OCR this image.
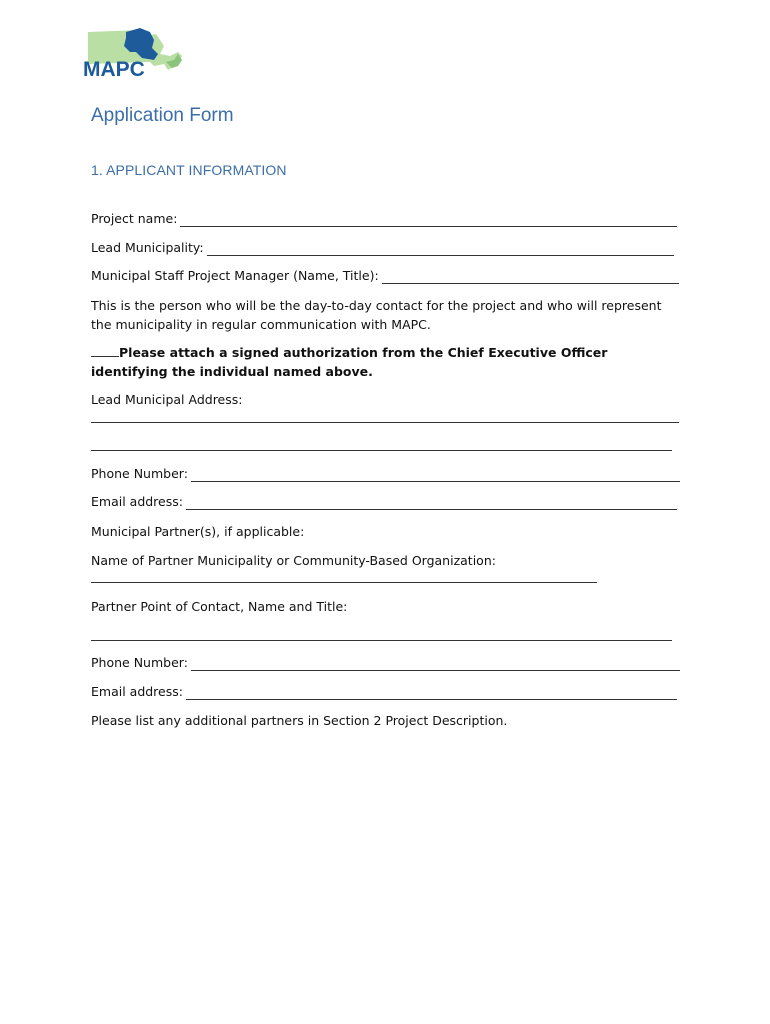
MAPC
Application Form
1. APPLICANT INFORMATION
Project name:
Lead Municipality:
Municipal Staff Project Manager (Name, Title):
This is the person who will be the day-to-day contact for the project and who will represent the municipality in regular communication with MAPC.
Please attach a signed authorization from the Chief Executive Officer identifying the individual named above.
Lead Municipal Address:
Phone Number:
Email address:
Municipal Partner(s), if applicable:
Name of Partner Municipality or Community-Based Organization:
Partner Point of Contact, Name and Title:
Phone Number:
Email address:
Please list any additional partners in Section 2 Project Description.
